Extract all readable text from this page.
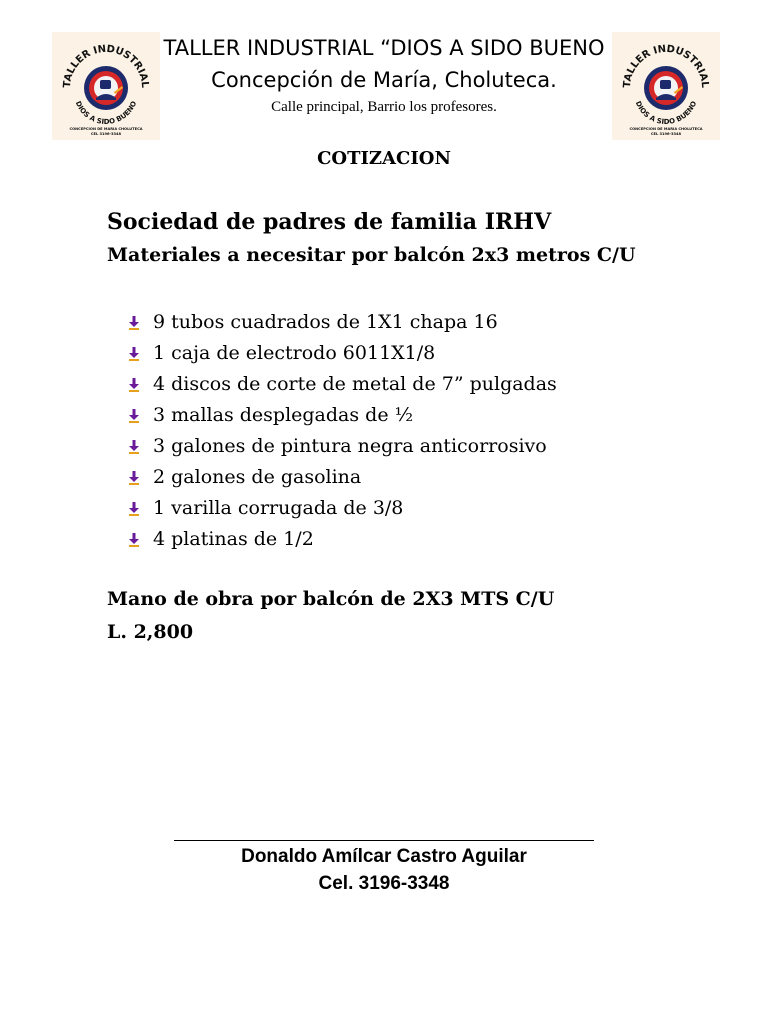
TALLER INDUSTRIAL
DIOS A SIDO BUENO
CONCEPCION DE MARIA CHOLUTECA
CEL 3196-3348
TALLER INDUSTRIAL
DIOS A SIDO BUENO
CONCEPCION DE MARIA CHOLUTECA
CEL 3196-3348
TALLER INDUSTRIAL “DIOS A SIDO BUENO
Concepción de María, Choluteca.
Calle principal, Barrio los profesores.
COTIZACION
Sociedad de padres de familia IRHV
Materiales a necesitar por balcón 2x3 metros C/U
9 tubos cuadrados de 1X1 chapa 16
1 caja de electrodo 6011X1/8
4 discos de corte de metal de 7” pulgadas
3 mallas desplegadas de ½
3 galones de pintura negra anticorrosivo
2 galones de gasolina
1 varilla corrugada de 3/8
4 platinas de 1/2
Mano de obra por balcón de 2X3 MTS C/U
L. 2,800
Donaldo Amílcar Castro Aguilar
Cel. 3196-3348
